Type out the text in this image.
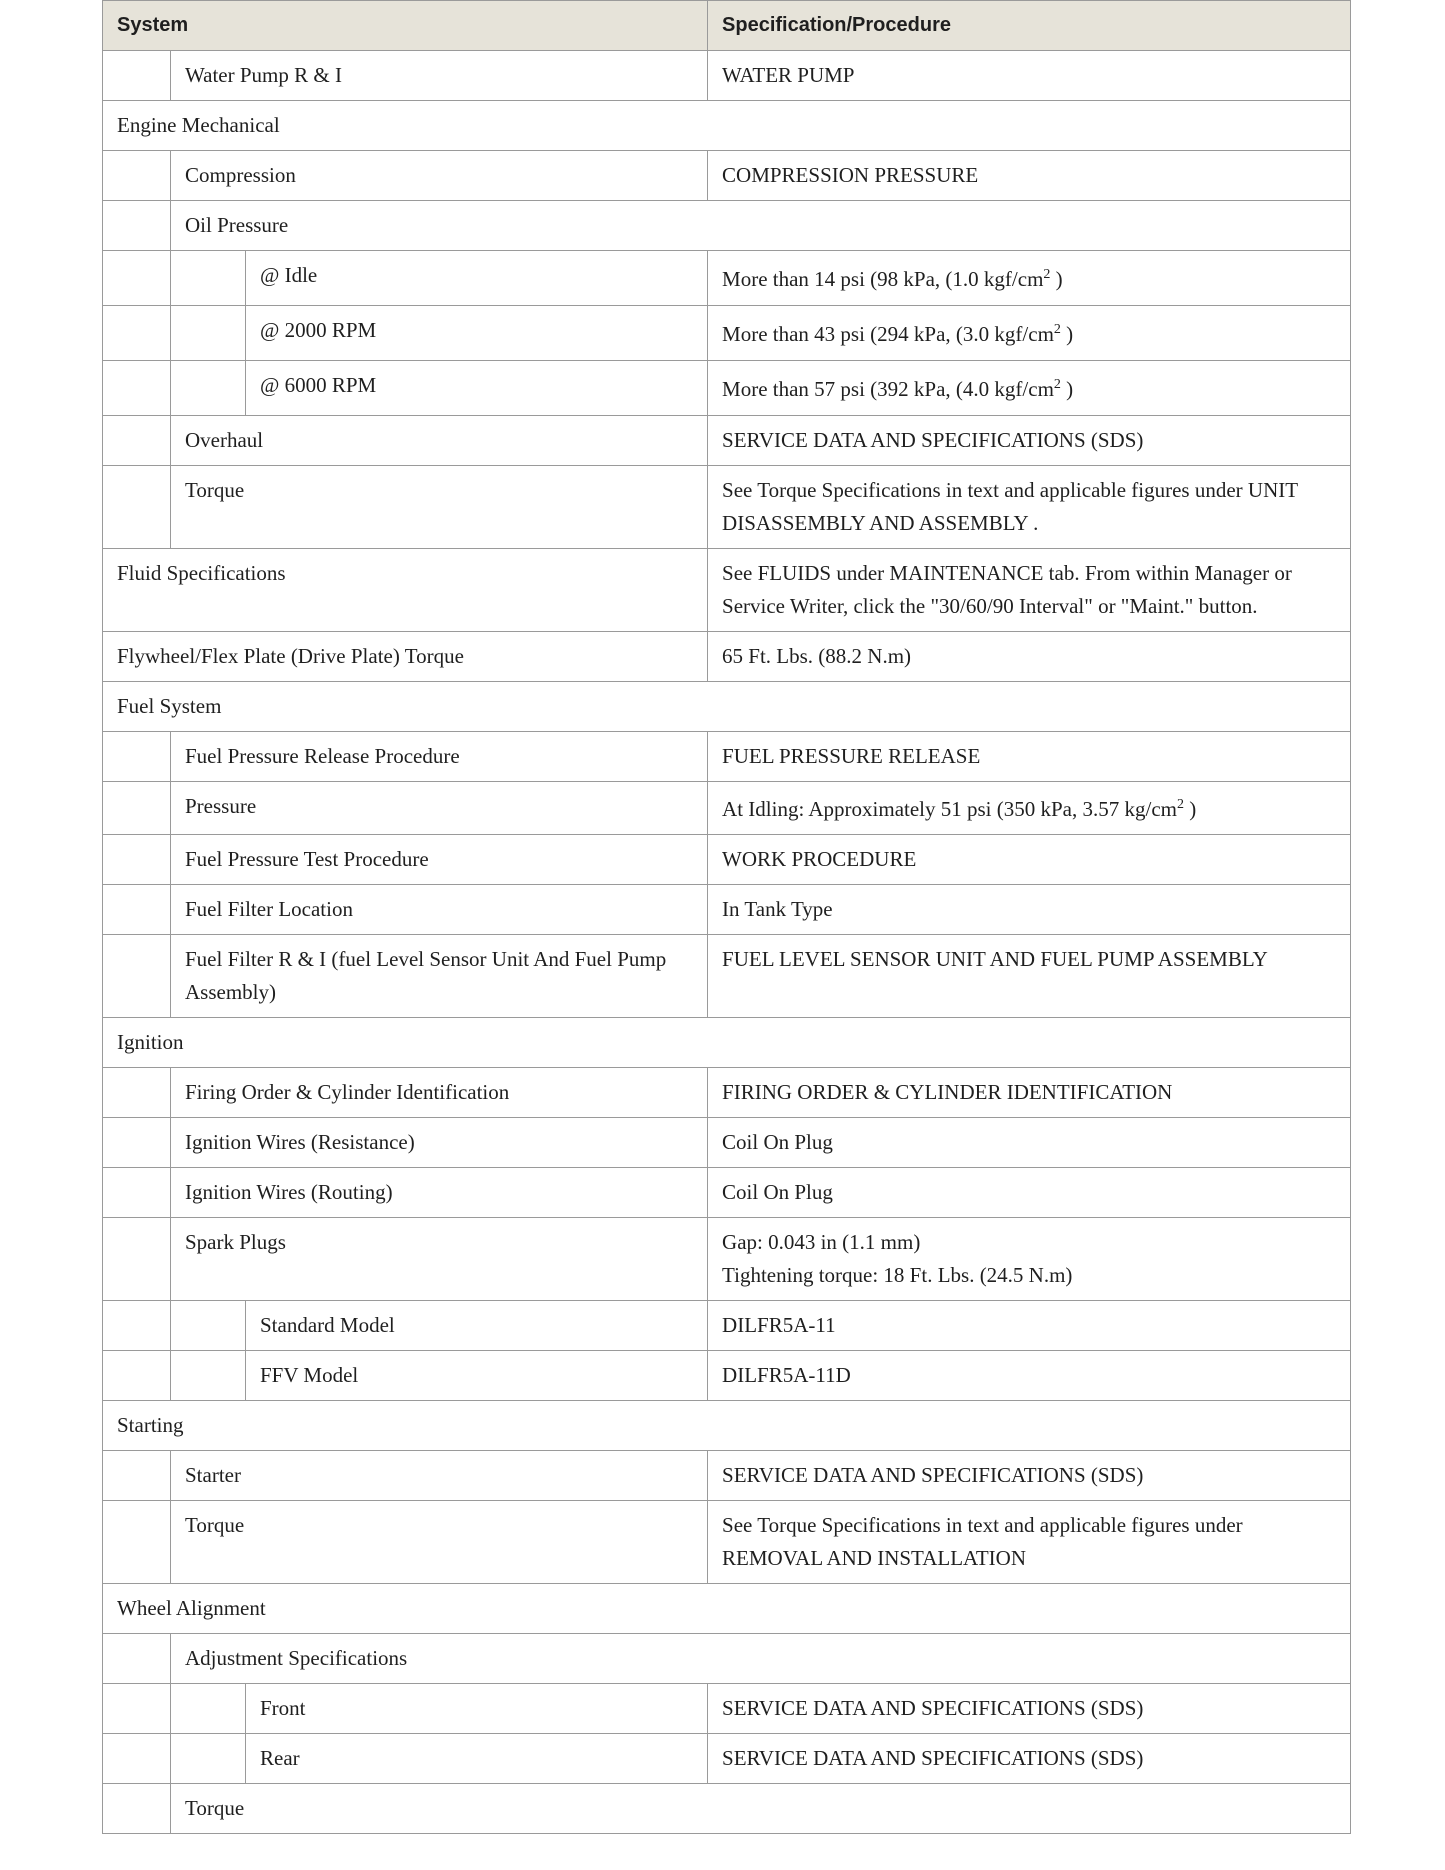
System			Specification/Procedure
	Water Pump R & I		WATER PUMP
Engine Mechanical			
	Compression		COMPRESSION PRESSURE
	Oil Pressure		
		@ Idle	More than 14 psi (98 kPa, (1.0 kgf/$cm^2$ )
		@ 2000 RPM	More than 43 psi (294 kPa, (3.0 kgf/$cm^2$ )
		@ 6000 RPM	More than 57 psi (392 kPa, (4.0 kgf/$cm^2$ )
	Overhaul		SERVICE DATA AND SPECIFICATIONS (SDS)
	Torque		See Torque Specifications in text and applicable figures under UNIT DISASSEMBLY AND ASSEMBLY .
Fluid Specifications			See FLUIDS under MAINTENANCE tab. From within Manager or Service Writer, click the "30/60/90 Interval" or "Maint." button.
Flywheel/Flex Plate (Drive Plate) Torque			65 Ft. Lbs. (88.2 N.m)
Fuel System			
	Fuel Pressure Release Procedure		FUEL PRESSURE RELEASE
	Pressure		At Idling: Approximately 51 psi (350 kPa, 3.57 $kg/cm^2$ )
	Fuel Pressure Test Procedure		WORK PROCEDURE
	Fuel Filter Location		In Tank Type
	Fuel Filter R & I (fuel Level Sensor Unit And Fuel Pump Assembly)		FUEL LEVEL SENSOR UNIT AND FUEL PUMP ASSEMBLY
Ignition			
	Firing Order & Cylinder Identification		FIRING ORDER & CYLINDER IDENTIFICATION
	Ignition Wires (Resistance)		Coil On Plug
	Ignition Wires (Routing)		Coil On Plug
	Spark Plugs		Gap: 0.043 in (1.1 mm)
Tightening torque: 18 Ft. Lbs. (24.5 N.m)

		Standard Model	DILFR5A-11
		FFV Model	DILFR5A-11D
Starting			
	Starter		SERVICE DATA AND SPECIFICATIONS (SDS)
	Torque		See Torque Specifications in text and applicable figures under REMOVAL AND INSTALLATION
Wheel Alignment			
	Adjustment Specifications		
		Front	SERVICE DATA AND SPECIFICATIONS (SDS)
		Rear	SERVICE DATA AND SPECIFICATIONS (SDS)
	Torque		
